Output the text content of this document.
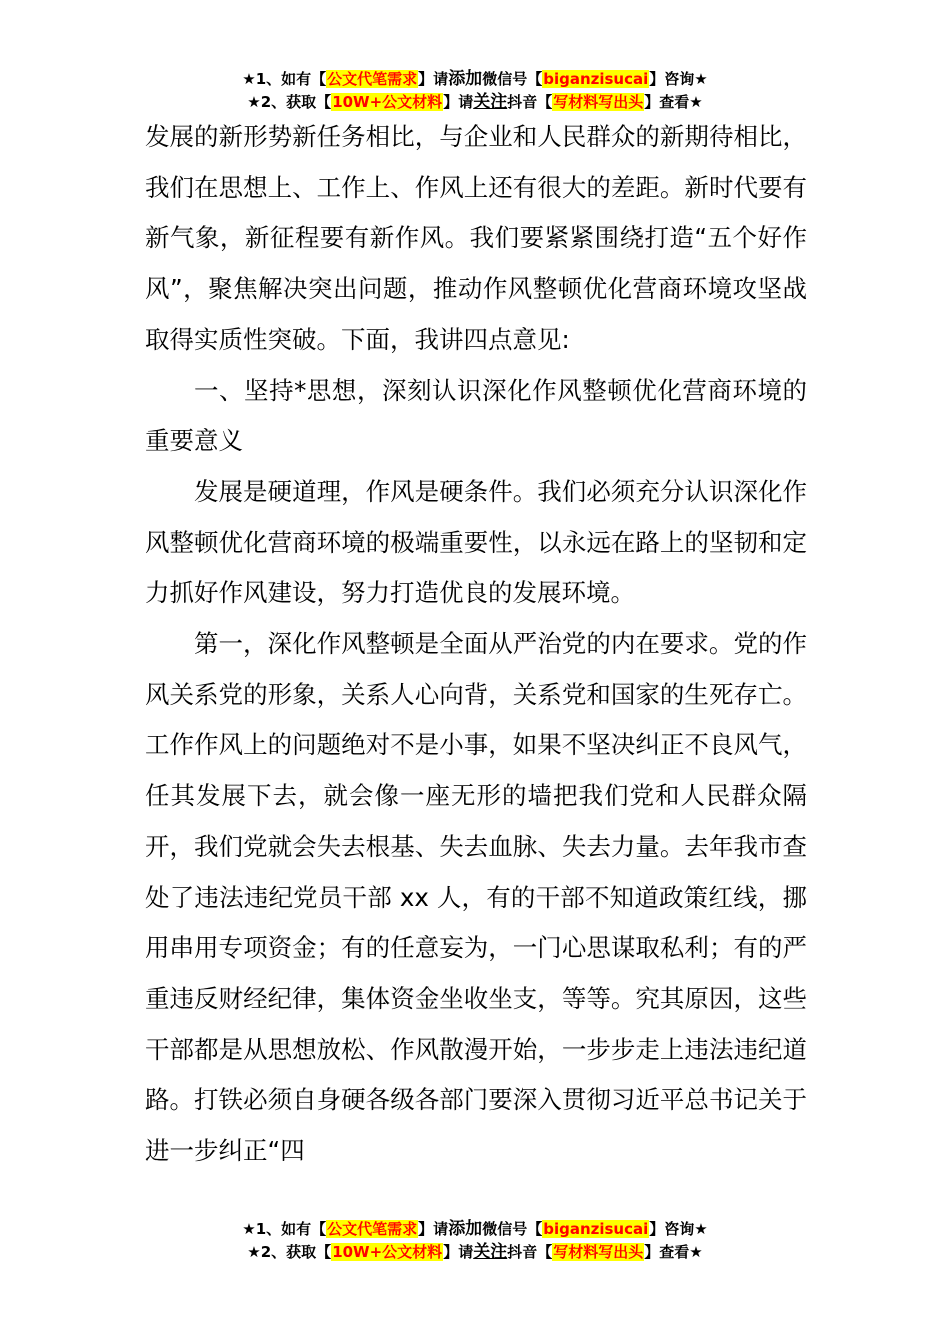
★1、如有【公文代笔需求】请添加微信号【biganzisucai】咨询★
★2、获取【10W+公文材料】请关注抖音【写材料写出头】查看★

发展的新形势新任务相比，与企业和人民群众的新期待相比，我们在思想上、工作上、作风上还有很大的差距。新时代要有新气象，新征程要有新作风。我们要紧紧围绕打造“五个好作风”，聚焦解决突出问题，推动作风整顿优化营商环境攻坚战取得实质性突破。下面，我讲四点意见:

一、坚持*思想，深刻认识深化作风整顿优化营商环境的重要意义

发展是硬道理，作风是硬条件。我们必须充分认识深化作风整顿优化营商环境的极端重要性，以永远在路上的坚韧和定力抓好作风建设，努力打造优良的发展环境。

第一，深化作风整顿是全面从严治党的内在要求。党的作风关系党的形象，关系人心向背，关系党和国家的生死存亡。工作作风上的问题绝对不是小事，如果不坚决纠正不良风气，任其发展下去，就会像一座无形的墙把我们党和人民群众隔开，我们党就会失去根基、失去血脉、失去力量。去年我市查处了违法违纪党员干部 xx 人，有的干部不知道政策红线，挪用串用专项资金；有的任意妄为，一门心思谋取私利；有的严重违反财经纪律，集体资金坐收坐支，等等。究其原因，这些干部都是从思想放松、作风散漫开始，一步步走上违法违纪道路。打铁必须自身硬各级各部门要深入贯彻习近平总书记关于进一步纠正“四

★1、如有【公文代笔需求】请添加微信号【biganzisucai】咨询★
★2、获取【10W+公文材料】请关注抖音【写材料写出头】查看★
